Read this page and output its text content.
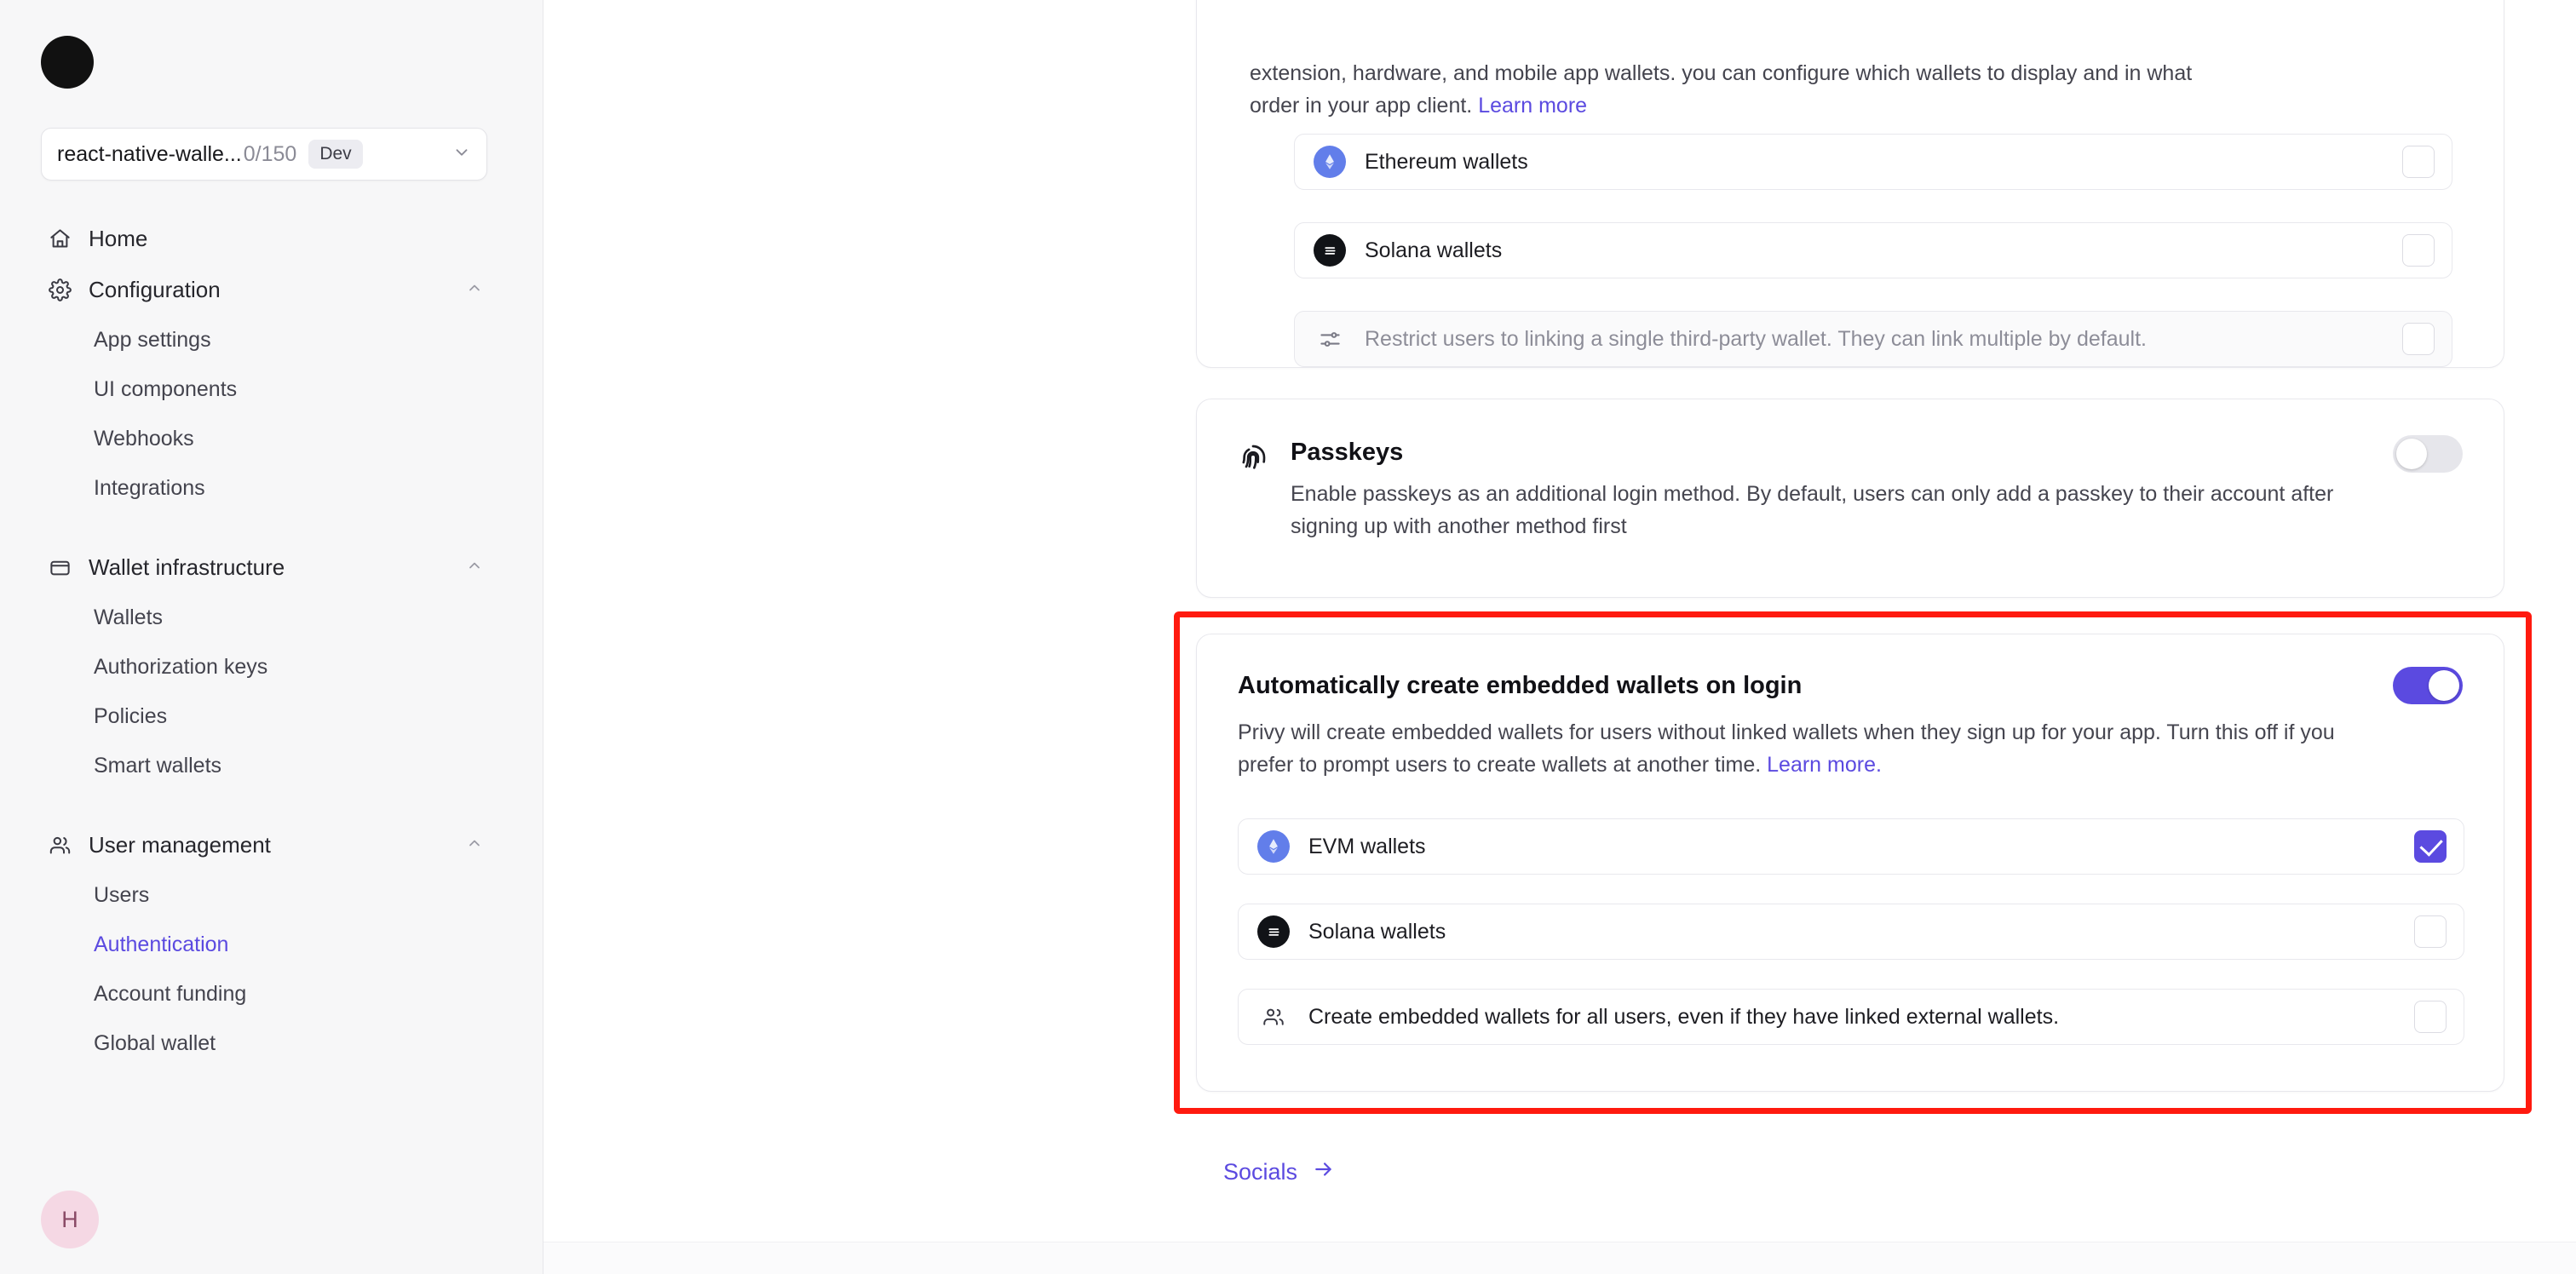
react-native-walle... 0/150	Dev
Home
Configuration
App settings
UI components
Webhooks
Integrations
Wallet infrastructure
Wallets
Authorization keys
Policies
Smart wallets
User management
Users
Authentication
Account funding
Global wallet
H
extension, hardware, and mobile app wallets. you can configure which wallets to display and in what
order in your app client. Learn more
Ethereum wallets
Solana wallets
Restrict users to linking a single third-party wallet. They can link multiple by default.
Passkeys
Enable passkeys as an additional login method. By default, users can only add a passkey to their account after signing up with another method first
Automatically create embedded wallets on login
Privy will create embedded wallets for users without linked wallets when they sign up for your app. Turn this off if you prefer to prompt users to create wallets at another time. Learn more.
EVM wallets
Solana wallets
Create embedded wallets for all users, even if they have linked external wallets.
Socials
